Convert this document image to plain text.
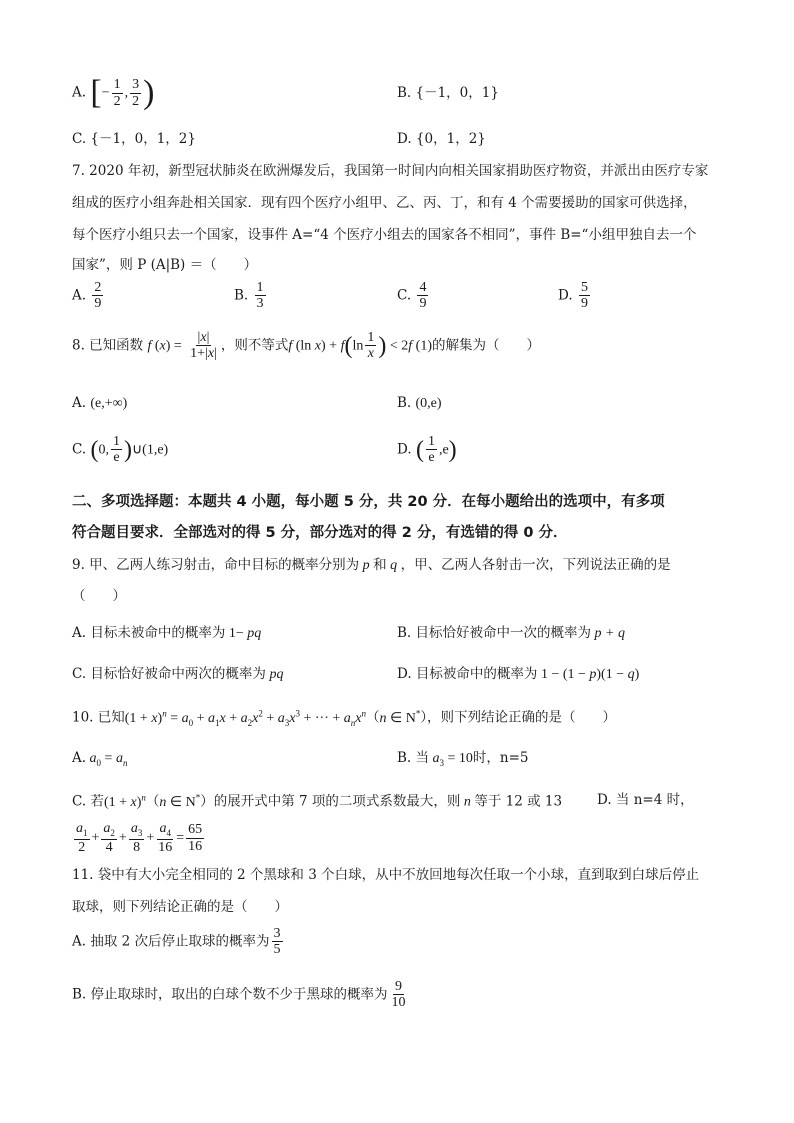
A. [− $\frac{1}{2}$ , $\frac{3}{2}$ )	B. {－1，0，1}
C. {－1，0，1，2}	D. {0，1，2}
7. 2020 年初，新型冠状肺炎在欧洲爆发后，我国第一时间内向相关国家捐助医疗物资，并派出由医疗专家
组成的医疗小组奔赴相关国家．现有四个医疗小组甲、乙、丙、丁，和有 4 个需要援助的国家可供选择，
每个医疗小组只去一个国家，设事件 A=“4 个医疗小组去的国家各不相同”，事件 B=“小组甲独自去一个
国家”，则 P (A|B) ＝（　　）
A. $\frac{2}{9}$	B. $\frac{1}{3}$	C. $\frac{4}{9}$	D. $\frac{5}{9}$
8. 已知函数 f $(x) = \frac{|x|}{1+|x|}$ ，则不等式f (ln $x) + f(\ln \frac{1}{x}$ ) < 2f (1)的解集为（　　）
A. (e,+∞)	B. (0,e)
C. (0, $\frac{1}{e}$ )∪(1,e)	D. ( $\frac{1}{e} ,e$)
二、多项选择题：本题共 4 小题，每小题 5 分，共 20 分．在每小题给出的选项中，有多项
符合题目要求．全部选对的得 5 分，部分选对的得 2 分，有选错的得 0 分．
9. 甲、乙两人练习射击，命中目标的概率分别为 p 和 q ，甲、乙两人各射击一次，下列说法正确的是
（　　）
A. 目标未被命中的概率为 1− pq	B. 目标恰好被命中一次的概率为 p + q
C. 目标恰好被命中两次的概率为 pq	D. 目标被命中的概率为 1 − (1 − p)(1 − q)
10. 已知$(1 + x)^n = a_0 + a_1x + a_2x^2 + a_3x^3$ + ··· + $a_nx^n(n$ ∈ N*），则下列结论正确的是（　　）
A. $a_0 = a_n$	B. 当 $a_3 = 10$时，n=5
C. 若$(1 + x)^n(n$ ∈ N*）的展开式中第 7 项的二项式系数最大，则 n 等于 12 或 13	D. 当 n=4 时，
$\frac{a_1}{2} + \frac{a_2}{4} + \frac{a_3}{8} + \frac{a_4}{16} = \frac{65}{16}$
11. 袋中有大小完全相同的 2 个黑球和 3 个白球，从中不放回地每次任取一个小球，直到取到白球后停止
取球，则下列结论正确的是（　　）
A. 抽取 2 次后停止取球的概率为 $\frac{3}{5}$
B. 停止取球时，取出的白球个数不少于黑球的概率为 $\frac{9}{10}$
